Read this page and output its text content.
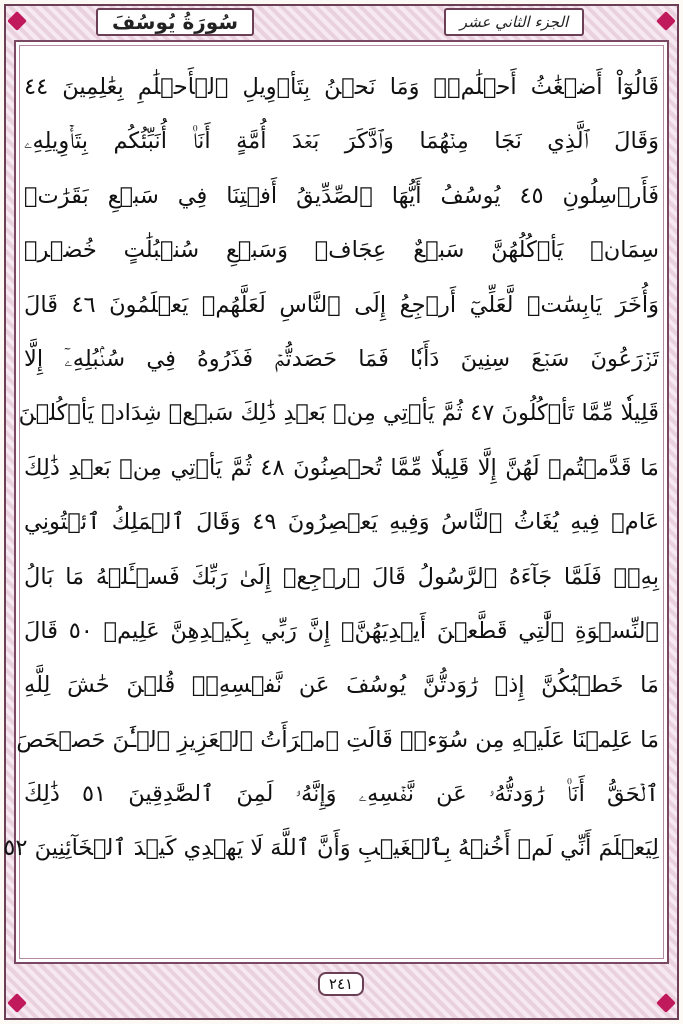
سُورَةُ يُوسُفَ	الجزء الثاني عشر
قَالُوٓاْ أَضۡغَٰثُ أَحۡلَٰمٖۖ وَمَا نَحۡنُ بِتَأۡوِيلِ ٱلۡأَحۡلَٰمِ بِعَٰلِمِينَ ٤٤
وَقَالَ ٱلَّذِي نَجَا مِنۡهُمَا وَٱدَّكَرَ بَعۡدَ أُمَّةٍ أَنَا۠ أُنَبِّئُكُم بِتَأۡوِيلِهِۦ
فَأَرۡسِلُونِ ٤٥ يُوسُفُ أَيُّهَا ٱلصِّدِّيقُ أَفۡتِنَا فِي سَبۡعِ بَقَرَٰتٖ
سِمَانٖ يَأۡكُلُهُنَّ سَبۡعٌ عِجَافٞ وَسَبۡعِ سُنۢبُلَٰتٍ خُضۡرٖ
وَأُخَرَ يَابِسَٰتٖ لَّعَلِّيٓ أَرۡجِعُ إِلَى ٱلنَّاسِ لَعَلَّهُمۡ يَعۡلَمُونَ ٤٦ قَالَ
تَزۡرَعُونَ سَبۡعَ سِنِينَ دَأَبٗا فَمَا حَصَدتُّمۡ فَذَرُوهُ فِي سُنۢبُلِهِۦٓ إِلَّا
قَلِيلٗا مِّمَّا تَأۡكُلُونَ ٤٧ ثُمَّ يَأۡتِي مِنۢ بَعۡدِ ذَٰلِكَ سَبۡعٞ شِدَادٞ يَأۡكُلۡنَ
مَا قَدَّمۡتُمۡ لَهُنَّ إِلَّا قَلِيلٗا مِّمَّا تُحۡصِنُونَ ٤٨ ثُمَّ يَأۡتِي مِنۢ بَعۡدِ ذَٰلِكَ
عَامٞ فِيهِ يُغَاثُ ٱلنَّاسُ وَفِيهِ يَعۡصِرُونَ ٤٩ وَقَالَ ٱلۡمَلِكُ ٱئۡتُونِي
بِهِۦۖ فَلَمَّا جَآءَهُ ٱلرَّسُولُ قَالَ ٱرۡجِعۡ إِلَىٰ رَبِّكَ فَسۡـَٔلۡهُ مَا بَالُ
ٱلنِّسۡوَةِ ٱلَّٰتِي قَطَّعۡنَ أَيۡدِيَهُنَّۚ إِنَّ رَبِّي بِكَيۡدِهِنَّ عَلِيمٞ ٥٠ قَالَ
مَا خَطۡبُكُنَّ إِذۡ رَٰوَدتُّنَّ يُوسُفَ عَن نَّفۡسِهِۦۚ قُلۡنَ حَٰشَ لِلَّهِ
مَا عَلِمۡنَا عَلَيۡهِ مِن سُوٓءٖۚ قَالَتِ ٱمۡرَأَتُ ٱلۡعَزِيزِ ٱلۡـَٰٔنَ حَصۡحَصَ
ٱلۡحَقُّ أَنَا۠ رَٰوَدتُّهُۥ عَن نَّفۡسِهِۦ وَإِنَّهُۥ لَمِنَ ٱلصَّٰدِقِينَ ٥١ ذَٰلِكَ
لِيَعۡلَمَ أَنِّي لَمۡ أَخُنۡهُ بِٱلۡغَيۡبِ وَأَنَّ ٱللَّهَ لَا يَهۡدِي كَيۡدَ ٱلۡخَآئِنِينَ ٥٢
٢٤١
